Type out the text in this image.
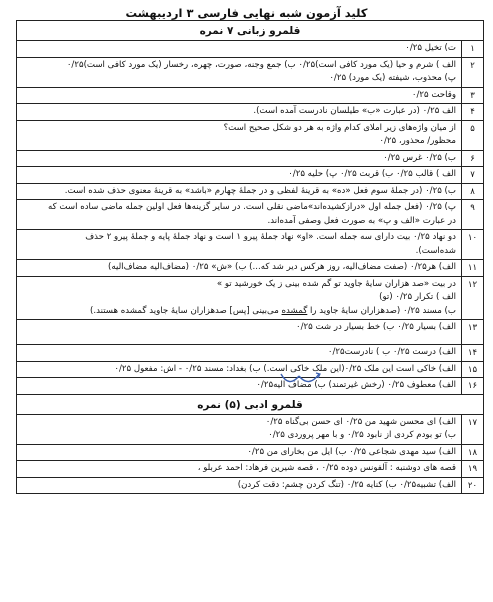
کلید آزمون شبه نهایی فارسی ۳ اردیبهشت
قلمرو زبانی ۷ نمره
۱
ت) تخیل ۰/۲۵
۲
الف ) شرم و حیا (یک مورد کافی است)۰/۲۵ ب) جمع وجنه، صورت، چهره، رخسار (یک مورد کافی است)۰/۲۵
پ) محذوب، شیفته (یک مورد) ۰/۲۵
۳
وقاحت ۰/۲۵
۴
الف ۰/۲۵ (در عبارت «ب» طیلسان نادرست آمده است).
۵
از میان واژه‌های زیر املای کدام واژه به هر دو شکل صحیح است؟
محظور/ محذور، ۰/۲۵
۶
ب) ۰/۲۵ غرس ۰/۲۵
۷
الف ) قالب ۰/۲۵ ب) قربت ۰/۲۵ پ) حلیه ۰/۲۵
۸
ب) ۰/۲۵ (در جملهٔ سوم فعل «ده» به قرینهٔ لفظی و در جملهٔ چهارم «باشد» به قرینهٔ معنوی حذف شده است.
۹
پ) ۰/۲۵ (فعل جمله اول «درازکشیده‌اند»ماضی نقلی است. در سایر گزینه‌ها فعل اولین جمله ماضی ساده است که
در عبارت «الف و پ» به صورت فعل وصفی آمده‌اند.
۱۰
دو نهاد ۰/۲۵ بیت دارای سه جمله است. «او» نهاد جملهٔ پیرو ۱ است و نهاد جملهٔ پایه و جملهٔ پیرو ۲ حذف
شده‌است).
۱۱
الف) هر۰/۲۵ (صفت مضاف‌الیه، روز هرکس دیر شد که...) ب) «ش» ۰/۲۵ (مضاف‌الیه مضاف‌الیه)
۱۲
در بیت «صد هزاران سایهٔ جاوید تو گم شده بینی ز یک خورشید تو »
الف ) تکرار ۰/۲۵ (تو)
ب) مسند ۰/۲۵ (صدهزاران سایهٔ جاوید را گمشده می‌بینی [پس] صدهزاران سایهٔ جاوید گمشده هستند.)
۱۳
الف) بسیار ۰/۲۵ ب) خط بسیار در شت ۰/۲۵
۱۴
الف) درست ۰/۲۵ ب ) نادرست۰/۲۵
۱۵
الف) خاکی است این ملک ۰/۲۵(این ملک خاکی است.) ب) بغداد: مسند ۰/۲۵ - اش: مفعول ۰/۲۵
۱۶
الف) معطوف ۰/۲۵ (رخش غیرتمند) ب) مضاف الیه۰/۲۵
قلمرو ادبی (۵) نمره
۱۷
الف) ای محسن شهید من ۰/۲۵ ای حسن بی‌گناه ۰/۲۵
ب) تو بودم کردی از نابود ۰/۲۵ و با مهر پروردی ۰/۲۵
۱۸
الف) سید مهدی شجاعی ۰/۲۵ ب) ایل من بخارای من ۰/۲۵
۱۹
قصه های دوشنبه : آلفونس دوده ۰/۲۵ ، قصه شیرین فرهاد: احمد عربلو ،
۲۰
الف) تشبیه۰/۲۵ ب) کنایه ۰/۲۵ (تنگ کردن چشم: دقت کردن)
